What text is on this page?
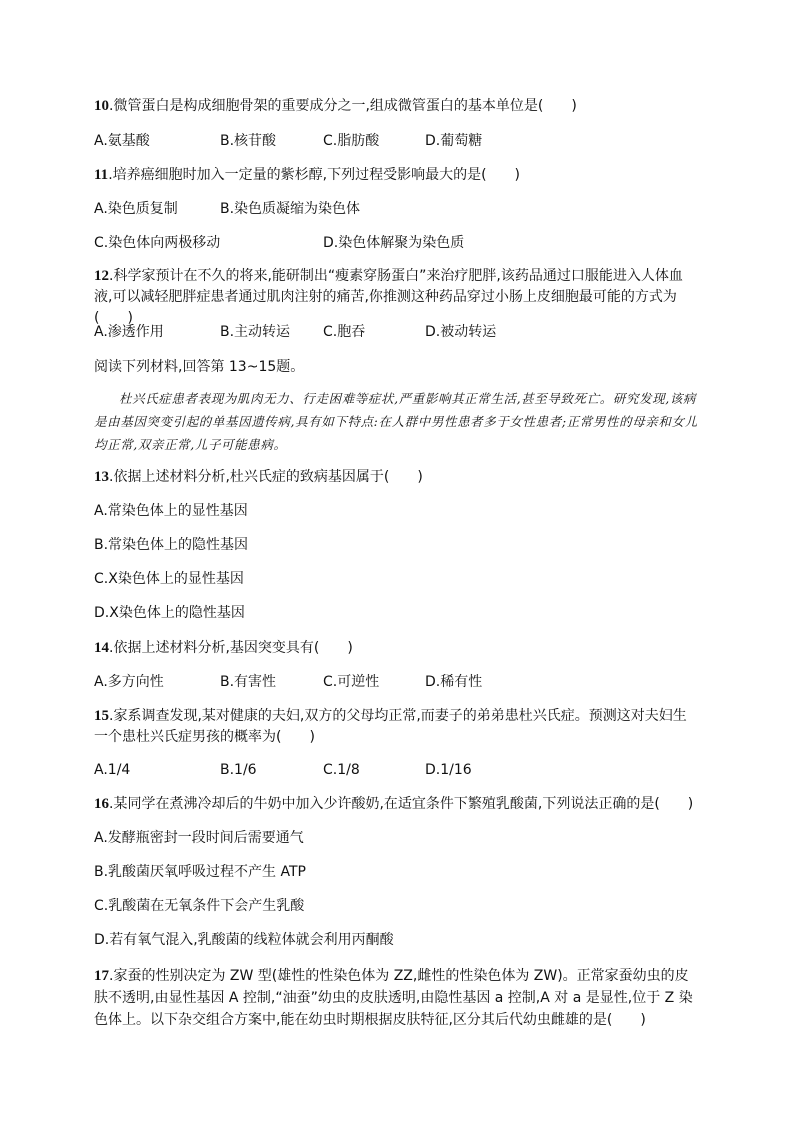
10.微管蛋白是构成细胞骨架的重要成分之一,组成微管蛋白的基本单位是(　　)
A.氨基酸	B.核苷酸	C.脂肪酸	D.葡萄糖
11.培养癌细胞时加入一定量的紫杉醇,下列过程受影响最大的是(　　)
A.染色质复制	B.染色质凝缩为染色体
C.染色体向两极移动	D.染色体解聚为染色质
12.科学家预计在不久的将来,能研制出“瘦素穿肠蛋白”来治疗肥胖,该药品通过口服能进入人体血液,可以减轻肥胖症患者通过肌肉注射的痛苦,你推测这种药品穿过小肠上皮细胞最可能的方式为(　　)
A.渗透作用	B.主动转运 C.胞吞	D.被动转运
阅读下列材料,回答第 13~15题。
杜兴氏症患者表现为肌肉无力、行走困难等症状,严重影响其正常生活,甚至导致死亡。研究发现,该病是由基因突变引起的单基因遗传病,具有如下特点:在人群中男性患者多于女性患者;正常男性的母亲和女儿均正常,双亲正常,儿子可能患病。
13.依据上述材料分析,杜兴氏症的致病基因属于(　　)
A.常染色体上的显性基因
B.常染色体上的隐性基因
C.X染色体上的显性基因
D.X染色体上的隐性基因
14.依据上述材料分析,基因突变具有(　　)
A.多方向性	B.有害性	C.可逆性	D.稀有性
15.家系调查发现,某对健康的夫妇,双方的父母均正常,而妻子的弟弟患杜兴氏症。预测这对夫妇生一个患杜兴氏症男孩的概率为(　　)
A.1/4	B.1/6	C.1/8	D.1/16
16.某同学在煮沸冷却后的牛奶中加入少许酸奶,在适宜条件下繁殖乳酸菌,下列说法正确的是(　　)
A.发酵瓶密封一段时间后需要通气
B.乳酸菌厌氧呼吸过程不产生 ATP
C.乳酸菌在无氧条件下会产生乳酸
D.若有氧气混入,乳酸菌的线粒体就会利用丙酮酸
17.家蚕的性别决定为 ZW 型(雄性的性染色体为 ZZ,雌性的性染色体为 ZW)。正常家蚕幼虫的皮肤不透明,由显性基因 A 控制,“油蚕”幼虫的皮肤透明,由隐性基因 a 控制,A 对 a 是显性,位于 Z 染色体上。以下杂交组合方案中,能在幼虫时期根据皮肤特征,区分其后代幼虫雌雄的是(　　)
